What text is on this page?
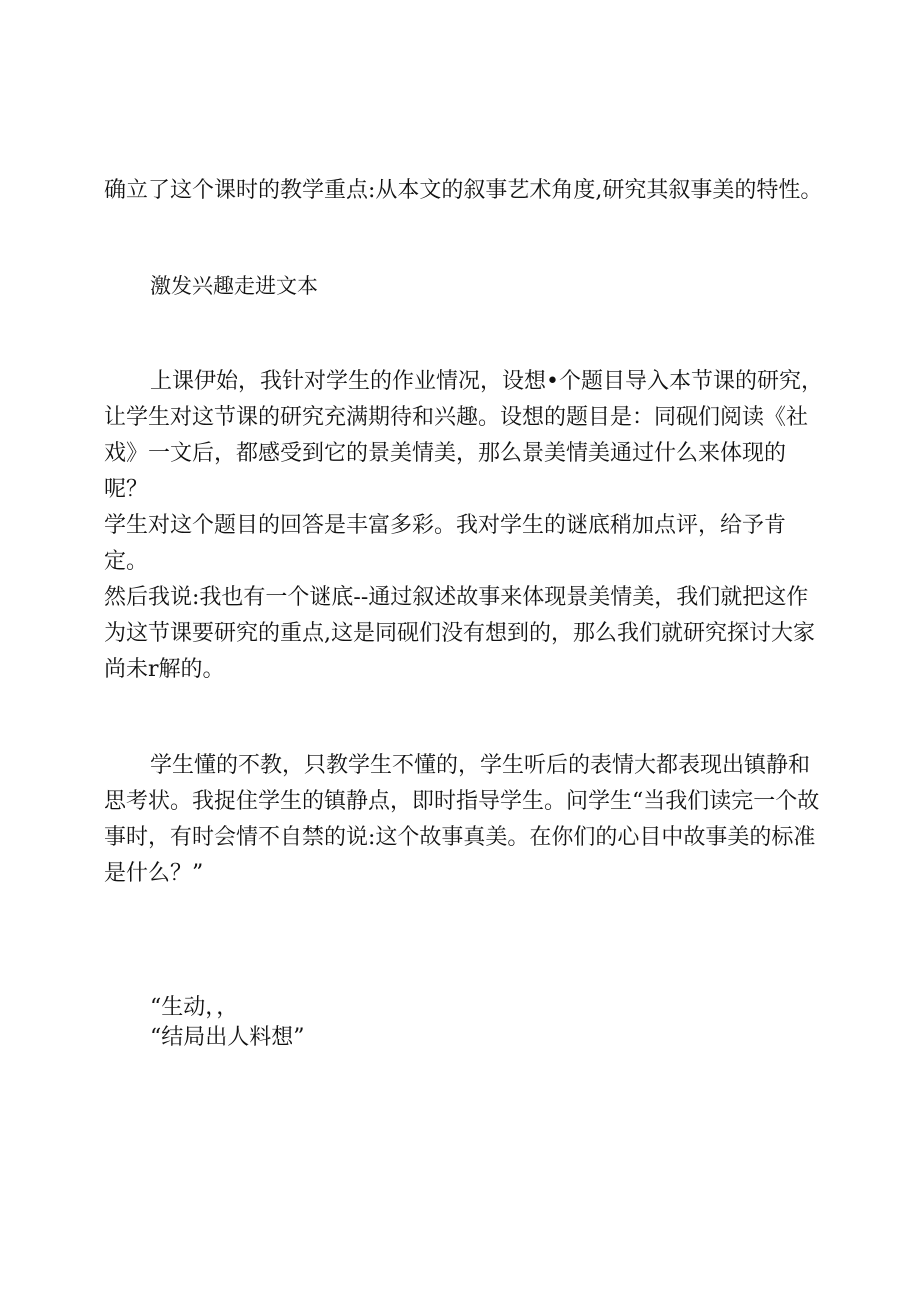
确立了这个课时的教学重点:从本文的叙事艺术角度,研究其叙事美的特性。
激发兴趣走进文本
上课伊始，我针对学生的作业情况，设想•个题目导入本节课的研究，
让学生对这节课的研究充满期待和兴趣。设想的题目是：同砚们阅读《社
戏》一文后，都感受到它的景美情美，那么景美情美通过什么来体现的呢？
学生对这个题目的回答是丰富多彩。我对学生的谜底稍加点评，给予肯定。
然后我说:我也有一个谜底--通过叙述故事来体现景美情美，我们就把这作
为这节课要研究的重点,这是同砚们没有想到的，那么我们就研究探讨大家
尚未r解的。
学生懂的不教，只教学生不懂的，学生听后的表情大都表现出镇静和
思考状。我捉住学生的镇静点，即时指导学生。问学生“当我们读完一个故
事时，有时会情不自禁的说:这个故事真美。在你们的心目中故事美的标准
是什么？”
“生动，，
“结局出人料想”
